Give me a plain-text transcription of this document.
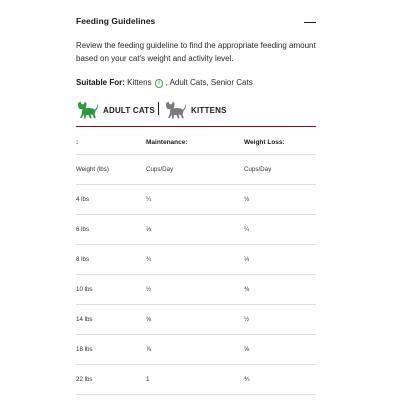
Feeding Guidelines
Review the feeding guideline to find the appropriate feeding amount based on your cat's weight and activity level.
Suitable For: Kittens i , Adult Cats, Senior Cats
ADULT CATS	KITTENS
:	Maintenance:	Weight Loss:
Weight (lbs)	Cups/Day	Cups/Day
4 lbs	¼	⅛
6 lbs	⅓	¼
8 lbs	¾	⅓
10 lbs	½	⅜
14 lbs	⅝	½
18 lbs	⅞	⅝
22 lbs	1	⅘
